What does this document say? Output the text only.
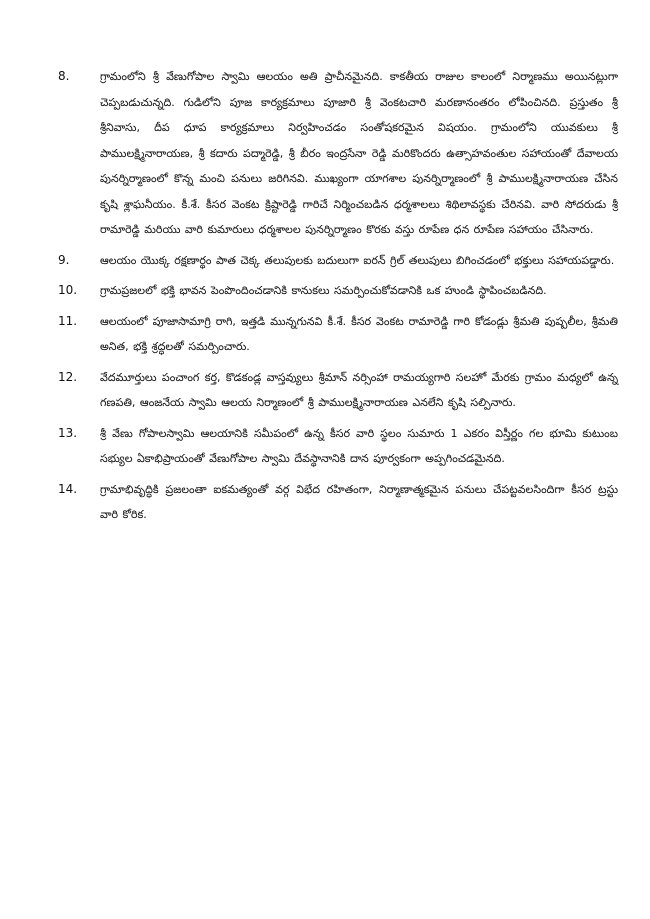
8.	గ్రామంలోని శ్రీ వేణుగోపాల స్వామి ఆలయం అతి ప్రాచీనమైనది. కాకతీయ రాజుల కాలంలో నిర్మాణము అయినట్లుగా చెప్పబడుచున్నది. గుడిలోని పూజ కార్యక్రమాలు పూజారి శ్రీ వెంకటచారి మరణానంతరం లోపించినది. ప్రస్తుతం శ్రీ శ్రీనివాసు, దీప ధూప కార్యక్రమాలు నిర్వహించడం సంతోషకరమైన విషయం. గ్రామంలోని యువకులు శ్రీ పాములక్ష్మినారాయణ, శ్రీ కదారు పద్మారెడ్డి, శ్రీ బీరం ఇంద్రసేనా రెడ్డి మరికొందరు ఉత్సాహవంతుల సహాయంతో దేవాలయ పునర్నిర్మాణంలో కొన్న మంచి పనులు జరిగినవి. ముఖ్యంగా యాగశాల పునర్నిర్మాణంలో శ్రీ పాములక్ష్మినారాయణ చేసిన కృషి శ్లాఘనీయం. కీ.శే. కీసర వెంకట క్రిష్టారెడ్డి గారిచే నిర్మించబడిన ధర్మశాలలు శిథిలావస్థకు చేరినవి. వారి సోదరుడు శ్రీ రామారెడ్డి మరియు వారి కుమారులు ధర్మశాలల పునర్నిర్మాణం కొరకు వస్తు రూపేణ ధన రూపేణ సహాయం చేసినారు.
9.	ఆలయం యొక్క రక్షణార్థం పాత చెక్క తలుపులకు బదులుగా ఐరన్ గ్రిల్ తలుపులు బిగించడంలో భక్తులు సహాయపడ్డారు.
10.	గ్రామప్రజలలో భక్తి భావన పెంపొందించడానికి కానుకలు సమర్పించుకోవడానికి ఒక హుండి స్థాపించబడినది.
11.	ఆలయంలో పూజాసామాగ్రి రాగి, ఇత్తడి మున్నగునవి కీ.శే. కీసర వెంకట రామారెడ్డి గారి కోడండ్లు శ్రీమతి పుష్పలీల, శ్రీమతి అనిత, భక్తి శ్రద్ధలతో సమర్పించారు.
12.	వేదమూర్తులు పంచాంగ కర్త, కొడకండ్ల వాస్తవ్యులు శ్రీమాన్ నర్సింహా రామయ్యగారి సలహో మేరకు గ్రామం మధ్యలో ఉన్న గణపతి, ఆంజనేయ స్వామి ఆలయ నిర్మాణంలో శ్రీ పాములక్ష్మినారాయణ ఎనలేని కృషి సల్పినారు.
13.	శ్రీ వేణు గోపాలస్వామి ఆలయానికి సమీపంలో ఉన్న కీసర వారి స్థలం సుమారు 1 ఎకరం విస్తీర్ణం గల భూమి కుటుంబ సభ్యుల ఏకాభిప్రాయంతో వేణుగోపాల స్వామి దేవస్థానానికి దాన పూర్వకంగా అప్పగించడమైనది.
14.	గ్రామాభివృద్ధికి ప్రజలంతా ఐకమత్యంతో వర్గ విభేద రహితంగా, నిర్మాణాత్మకమైన పనులు చేపట్టవలసిందిగా కీసర ట్రస్టు వారి కోరిక.
